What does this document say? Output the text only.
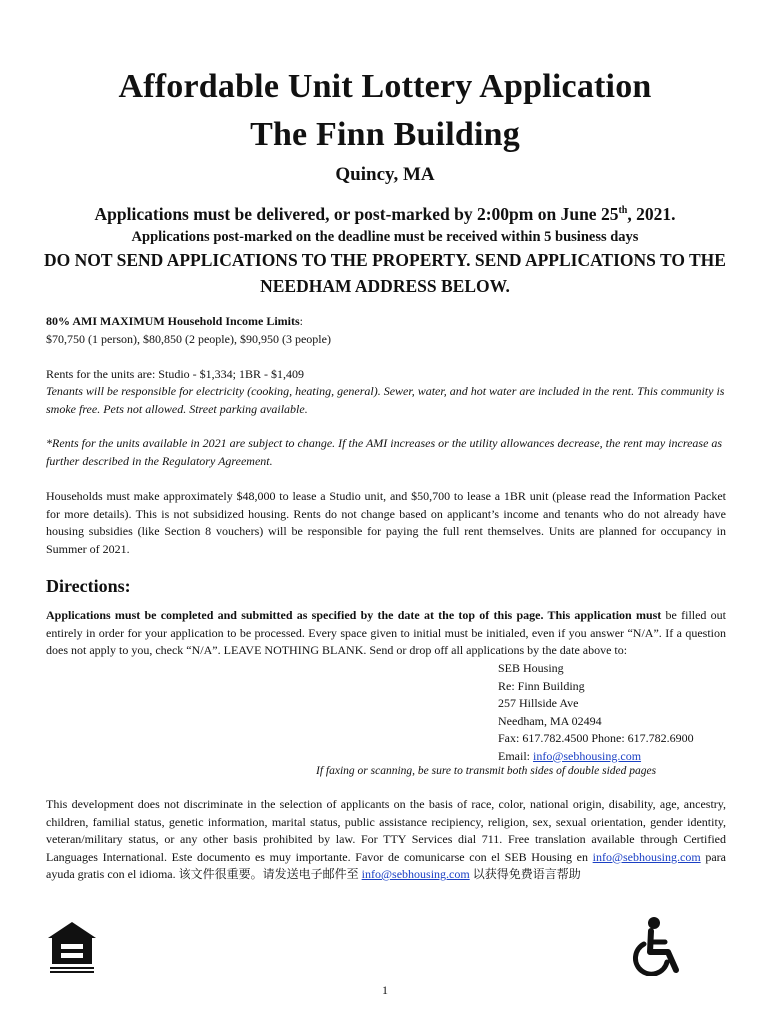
Affordable Unit Lottery Application
The Finn Building
Quincy, MA
Applications must be delivered, or post-marked by 2:00pm on June 25th, 2021.
Applications post-marked on the deadline must be received within 5 business days
DO NOT SEND APPLICATIONS TO THE PROPERTY. SEND APPLICATIONS TO THE NEEDHAM ADDRESS BELOW.
80% AMI MAXIMUM Household Income Limits:
$70,750 (1 person), $80,850 (2 people), $90,950 (3 people)
Rents for the units are: Studio - $1,334; 1BR - $1,409
Tenants will be responsible for electricity (cooking, heating, general). Sewer, water, and hot water are included in the rent. This community is smoke free. Pets not allowed. Street parking available.
*Rents for the units available in 2021 are subject to change. If the AMI increases or the utility allowances decrease, the rent may increase as further described in the Regulatory Agreement.
Households must make approximately $48,000 to lease a Studio unit, and $50,700 to lease a 1BR unit (please read the Information Packet for more details). This is not subsidized housing. Rents do not change based on applicant’s income and tenants who do not already have housing subsidies (like Section 8 vouchers) will be responsible for paying the full rent themselves. Units are planned for occupancy in Summer of 2021.
Directions:
Applications must be completed and submitted as specified by the date at the top of this page. This application must be filled out entirely in order for your application to be processed. Every space given to initial must be initialed, even if you answer “N/A”. If a question does not apply to you, check “N/A”. LEAVE NOTHING BLANK. Send or drop off all applications by the date above to:
SEB Housing
Re: Finn Building
257 Hillside Ave
Needham, MA 02494
Fax: 617.782.4500 Phone: 617.782.6900
Email: info@sebhousing.com
If faxing or scanning, be sure to transmit both sides of double sided pages
This development does not discriminate in the selection of applicants on the basis of race, color, national origin, disability, age, ancestry, children, familial status, genetic information, marital status, public assistance recipiency, religion, sex, sexual orientation, gender identity, veteran/military status, or any other basis prohibited by law. For TTY Services dial 711. Free translation available through Certified Languages International. Este documento es muy importante. Favor de comunicarse con el SEB Housing en info@sebhousing.com para ayuda gratis con el idioma. 该文件很重要。请发送电子邮件至 info@sebhousing.com 以获得免费语言帮助
1
